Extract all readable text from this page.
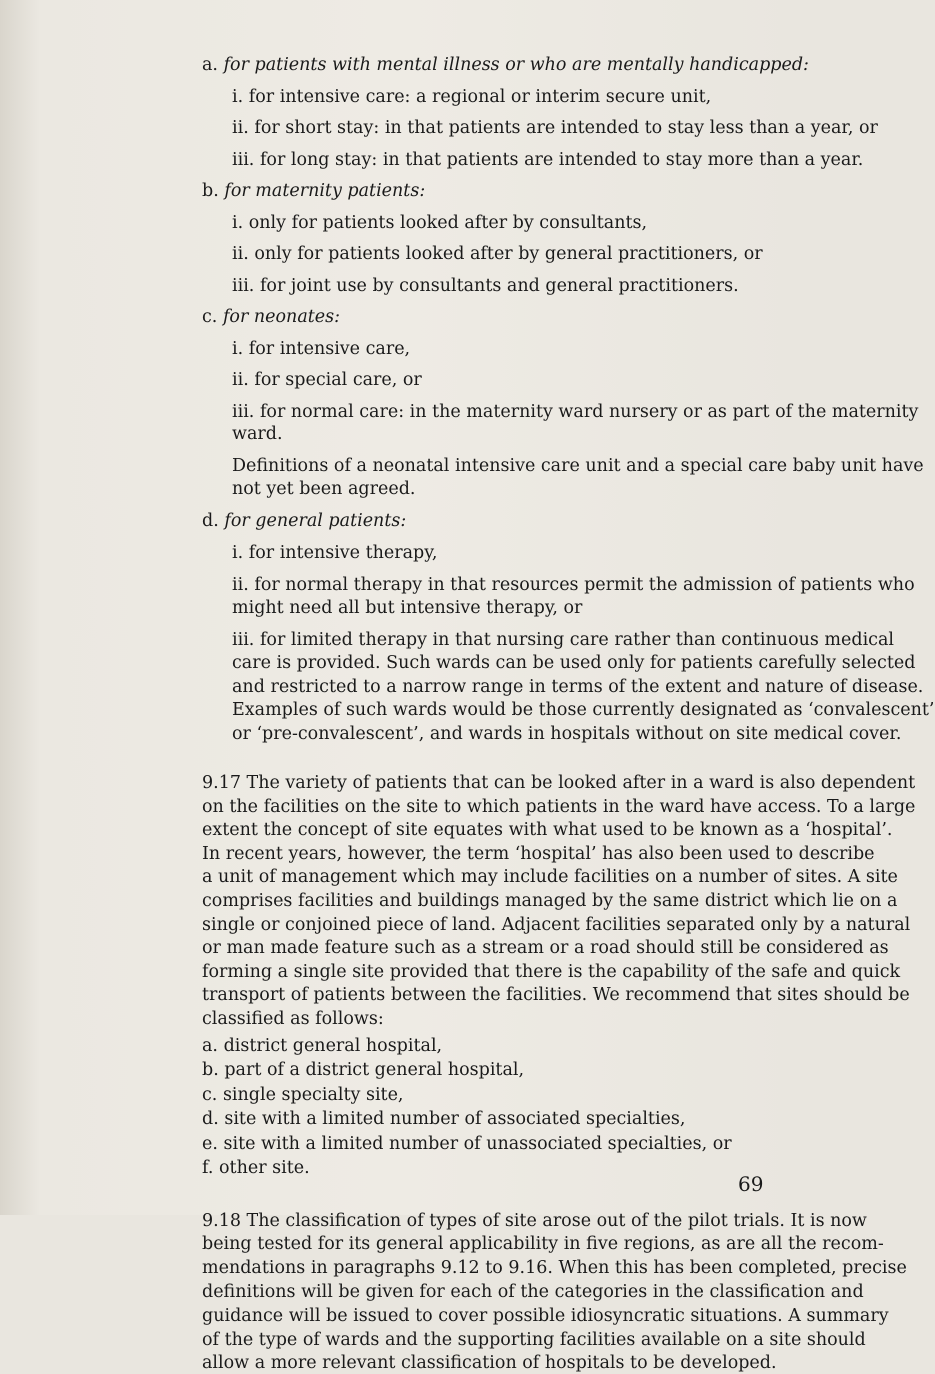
a. for patients with mental illness or who are mentally handicapped:
i. for intensive care: a regional or interim secure unit,
ii. for short stay: in that patients are intended to stay less than a year, or
iii. for long stay: in that patients are intended to stay more than a year.
b. for maternity patients:
i. only for patients looked after by consultants,
ii. only for patients looked after by general practitioners, or
iii. for joint use by consultants and general practitioners.
c. for neonates:
i. for intensive care,
ii. for special care, or
iii. for normal care: in the maternity ward nursery or as part of the maternity
ward.
Definitions of a neonatal intensive care unit and a special care baby unit have
not yet been agreed.
d. for general patients:
i. for intensive therapy,
ii. for normal therapy in that resources permit the admission of patients who
might need all but intensive therapy, or
iii. for limited therapy in that nursing care rather than continuous medical
care is provided. Such wards can be used only for patients carefully selected
and restricted to a narrow range in terms of the extent and nature of disease.
Examples of such wards would be those currently designated as ‘convalescent’
or ‘pre-convalescent’, and wards in hospitals without on site medical cover.
9.17 The variety of patients that can be looked after in a ward is also dependent
on the facilities on the site to which patients in the ward have access. To a large
extent the concept of site equates with what used to be known as a ‘hospital’.
In recent years, however, the term ‘hospital’ has also been used to describe
a unit of management which may include facilities on a number of sites. A site
comprises facilities and buildings managed by the same district which lie on a
single or conjoined piece of land. Adjacent facilities separated only by a natural
or man made feature such as a stream or a road should still be considered as
forming a single site provided that there is the capability of the safe and quick
transport of patients between the facilities. We recommend that sites should be
classified as follows:
a. district general hospital,
b. part of a district general hospital,
c. single specialty site,
d. site with a limited number of associated specialties,
e. site with a limited number of unassociated specialties, or
f. other site.
9.18 The classification of types of site arose out of the pilot trials. It is now
being tested for its general applicability in five regions, as are all the recom-
mendations in paragraphs 9.12 to 9.16. When this has been completed, precise
definitions will be given for each of the categories in the classification and
guidance will be issued to cover possible idiosyncratic situations. A summary
of the type of wards and the supporting facilities available on a site should
allow a more relevant classification of hospitals to be developed.
69
